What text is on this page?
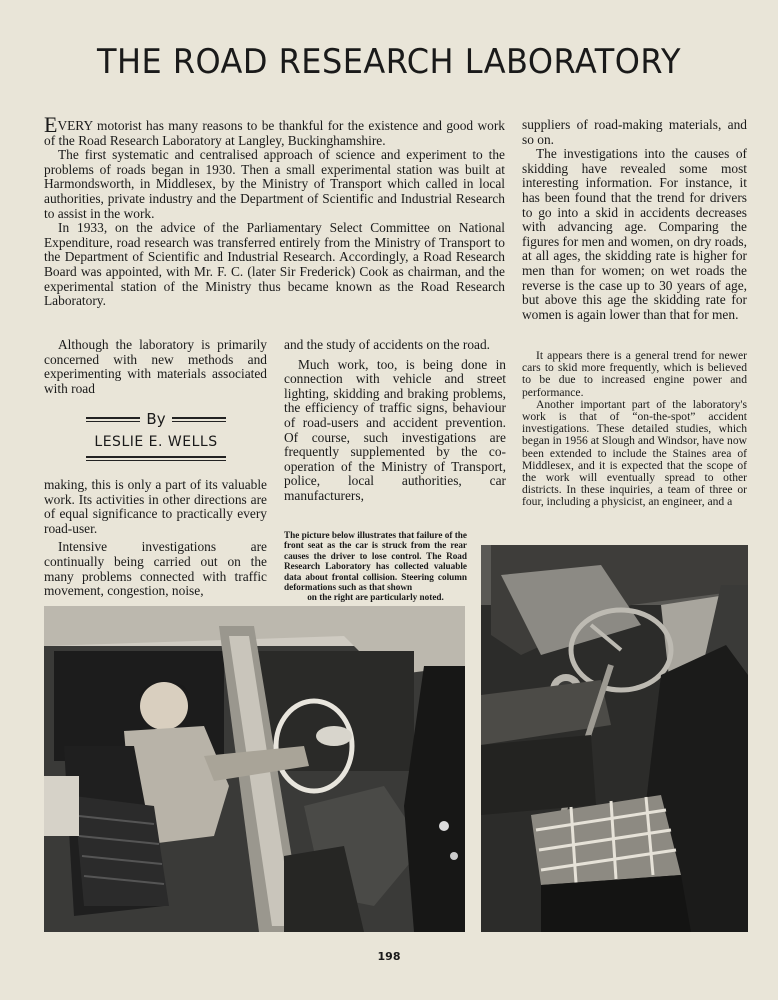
THE ROAD RESEARCH LABORATORY

EVERY motorist has many reasons to be thankful for the existence and good work of the Road Research Laboratory at Langley, Buckinghamshire.

The first systematic and centralised approach of science and experiment to the problems of roads began in 1930. Then a small experimental station was built at Harmondsworth, in Middlesex, by the Ministry of Transport which called in local authorities, private industry and the Department of Scientific and Industrial Research to assist in the work.

In 1933, on the advice of the Parliamentary Select Committee on National Expenditure, road research was transferred entirely from the Ministry of Transport to the Department of Scientific and Industrial Research. Accordingly, a Road Research Board was appointed, with Mr. F. C. (later Sir Frederick) Cook as chairman, and the experimental station of the Ministry thus became known as the Road Research Laboratory.

Although the laboratory is primarily concerned with new methods and experimenting with materials associated with road

By
LESLIE E. WELLS

making, this is only a part of its valuable work. Its activities in other directions are of equal significance to practically every road-user.

Intensive investigations are continually being carried out on the many problems connected with traffic movement, congestion, noise,

and the study of accidents on the road.

Much work, too, is being done in connection with vehicle and street lighting, skidding and braking problems, the efficiency of traffic signs, behaviour of road-users and accident prevention. Of course, such investigations are frequently supplemented by the co-operation of the Ministry of Transport, police, local authorities, car manufacturers,

suppliers of road-making materials, and so on.

The investigations into the causes of skidding have revealed some most interesting information. For instance, it has been found that the trend for drivers to go into a skid in accidents decreases with advancing age. Comparing the figures for men and women, on dry roads, at all ages, the skidding rate is higher for men than for women; on wet roads the reverse is the case up to 30 years of age, but above this age the skidding rate for women is again lower than that for men.

It appears there is a general trend for newer cars to skid more frequently, which is believed to be due to increased engine power and performance.

Another important part of the laboratory's work is that of “on-the-spot” accident investigations. These detailed studies, which began in 1956 at Slough and Windsor, have now been extended to include the Staines area of Middlesex, and it is expected that the scope of the work will eventually spread to other districts. In these inquiries, a team of three or four, including a physicist, an engineer, and a

The picture below illustrates that failure of the front seat as the car is struck from the rear causes the driver to lose control. The Road Research Laboratory has collected valuable data about frontal collision. Steering column deformations such as that shown
on the right are particularly noted.
198
